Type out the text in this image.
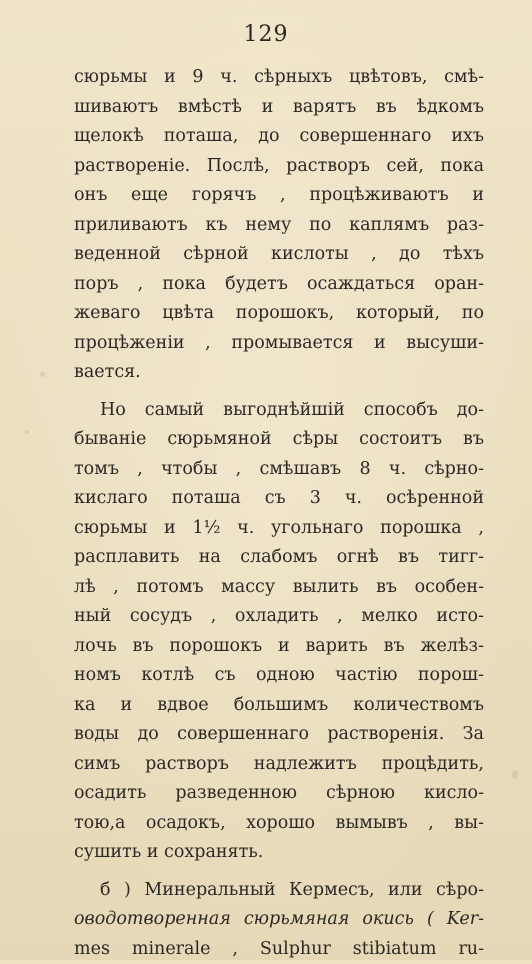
129
сюрьмы и 9 ч. сѣрныхъ цвѣтовъ, смѣ-
шиваютъ вмѣстѣ и варятъ въ ѣдкомъ
щелокѣ поташа, до совершеннаго ихъ
раствореніе. Послѣ, растворъ сей, пока
онъ еще горячъ , процѣживаютъ и
приливаютъ къ нему по каплямъ раз-
веденной сѣрной кислоты , до тѣхъ
поръ , пока будетъ осаждаться оран-
жеваго цвѣта порошокъ, который, по
процѣженіи , промывается и высуши-
вается.
Но самый выгоднѣйшій способъ до-
бываніе сюрьмяной сѣры состоитъ въ
томъ , чтобы , смѣшавъ 8 ч. сѣрно-
кислаго поташа съ 3 ч. осѣренной
сюрьмы и 1½ ч. угольнаго порошка ,
расплавить на слабомъ огнѣ въ тигг-
лѣ , потомъ массу вылить въ особен-
ный сосудъ , охладить , мелко исто-
лочь въ порошокъ и варить въ желѣз-
номъ котлѣ съ одною частію порош-
ка и вдвое большимъ количествомъ
воды до совершеннаго растворенія. За
симъ растворъ надлежитъ процѣдить,
осадить разведенною сѣрною кисло-
тою,а осадокъ, хорошо вымывъ , вы-
сушить и сохранять.
б ) Минеральный Кермесъ, или сѣро-
оводотворенная сюрьмяная окись ( Ker-
mes minerale , Sulphur stibiatum ru-
